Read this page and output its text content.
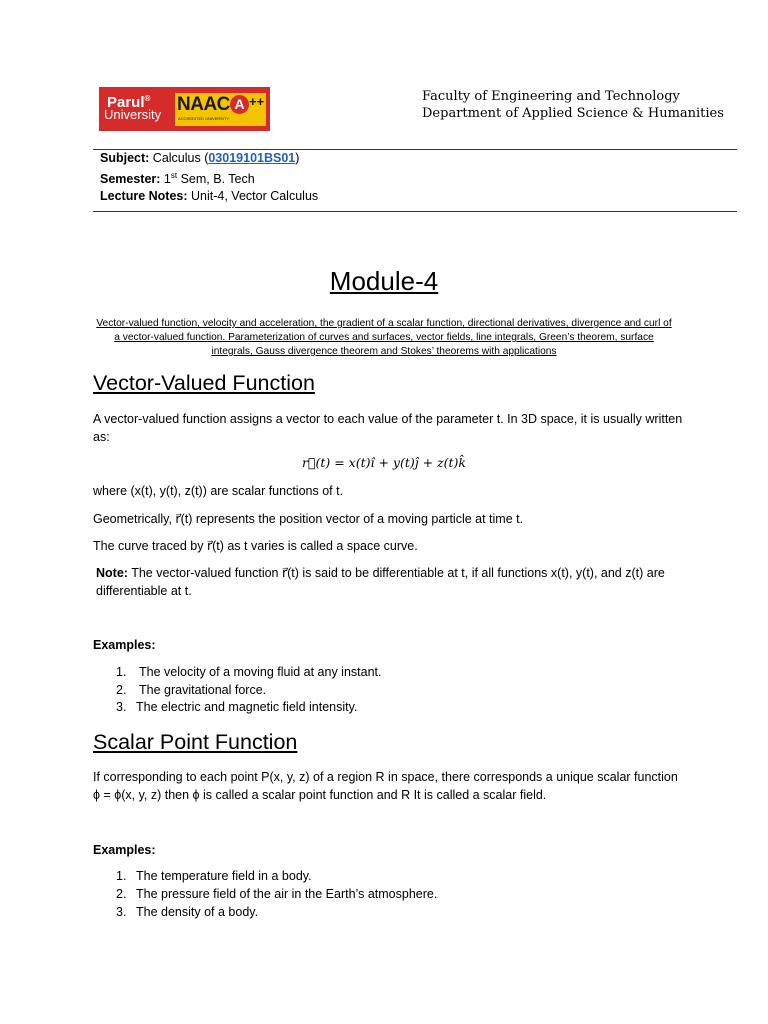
Parul®
University NAAC A ++
ACCREDITED UNIVERSITY
Faculty of Engineering and Technology
Department of Applied Science & Humanities
Subject: Calculus (03019101BS01)
Semester: 1st Sem, B. Tech
Lecture Notes: Unit-4, Vector Calculus
Module-4
Vector-valued function, velocity and acceleration, the gradient of a scalar function, directional derivatives, divergence and curl of a vector-valued function. Parameterization of curves and surfaces, vector fields, line integrals, Green’s theorem, surface integrals, Gauss divergence theorem and Stokes’ theorems with applications
Vector-Valued Function
A vector-valued function assigns a vector to each value of the parameter t. In 3D space, it is usually written as:
r⃗(t) = x(t)î + y(t)ĵ + z(t)k̂
where (x(t), y(t), z(t)) are scalar functions of t.
Geometrically, r⃗(t) represents the position vector of a moving particle at time t.
The curve traced by r⃗(t) as t varies is called a space curve.
Note: The vector-valued function r⃗(t) is said to be differentiable at t, if all functions x(t), y(t), and z(t) are differentiable at t.
Examples:
1. The velocity of a moving fluid at any instant.
2. The gravitational force.
3. The electric and magnetic field intensity.
Scalar Point Function
If corresponding to each point P(x, y, z) of a region R in space, there corresponds a unique scalar function ϕ = ϕ(x, y, z) then ϕ is called a scalar point function and R It is called a scalar field.
Examples:
1. The temperature field in a body.
2. The pressure field of the air in the Earth’s atmosphere.
3. The density of a body.
